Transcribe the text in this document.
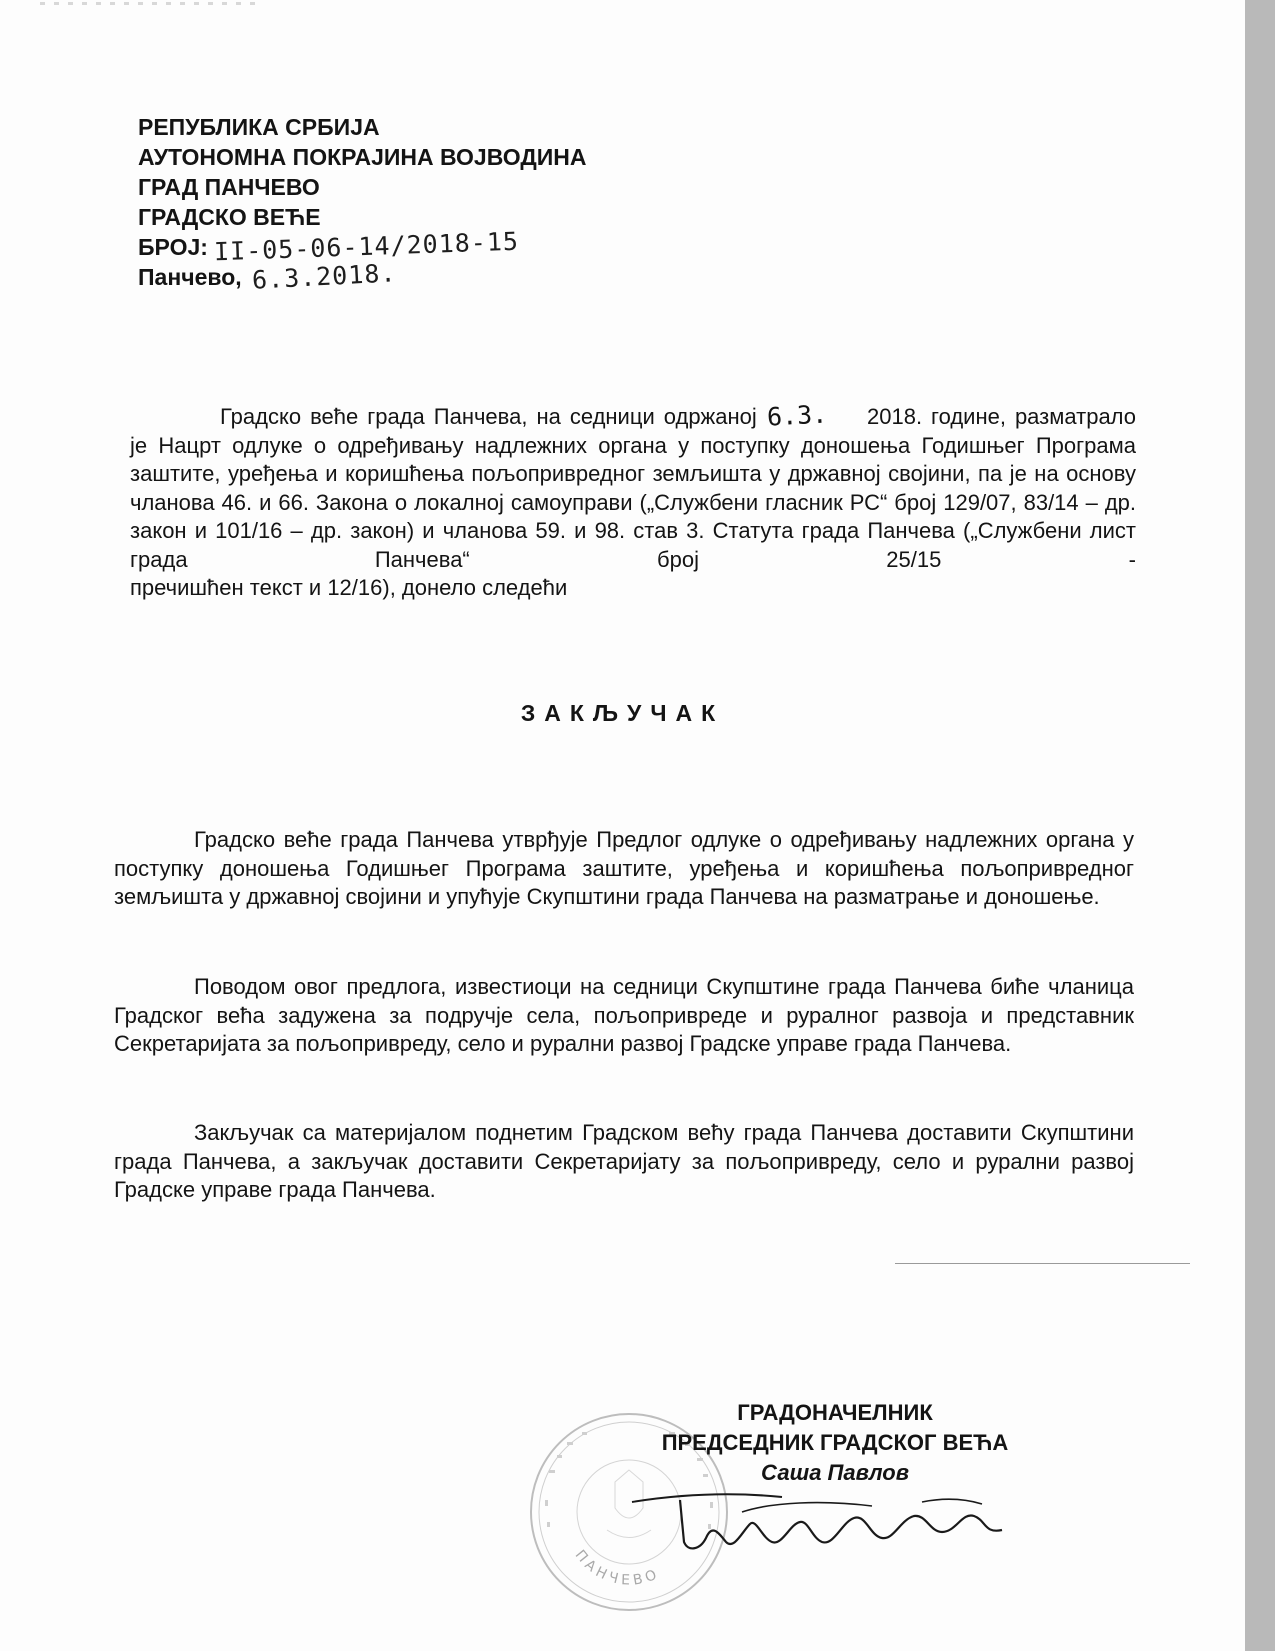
РЕПУБЛИКА СРБИЈА
АУТОНОМНА ПОКРАЈИНА ВОЈВОДИНА
ГРАД ПАНЧЕВО
ГРАДСКО ВЕЋЕ
БРОЈ: II-05-06-14/2018-15
Панчево, 6.3.2018.
Градско веће града Панчева, на седници одржаној 6.3. 2018. године, разматрало је Нацрт одлуке о одређивању надлежних органа у поступку доношења Годишњег Програма заштите, уређења и коришћења пољопривредног земљишта у државној својини, па је на основу чланова 46. и 66. Закона о локалној самоуправи („Службени гласник РС“ број 129/07, 83/14 – др. закон и 101/16 – др. закон) и чланова 59. и 98. став 3. Статута града Панчева („Службени лист града Панчева“ број 25/15 -
пречишћен текст и 12/16), донело следећи
ЗАКЉУЧАК
Градско веће града Панчева утврђује Предлог одлуке о одређивању надлежних органа у поступку доношења Годишњег Програма заштите, уређења и коришћења пољопривредног земљишта у државној својини и упућује Скупштини града Панчева на разматрање и доношење.
Поводом овог предлога, известиоци на седници Скупштине града Панчева биће чланица Градског већа задужена за подручје села, пољопривреде и руралног развоја и представник Секретаријата за пољопривреду, село и рурални развој Градске управе града Панчева.
Закључак са материјалом поднетим Градском већу града Панчева доставити Скупштини града Панчева, а закључак доставити Секретаријату за пољопривреду, село и рурални развој Градске управе града Панчева.
ПАНЧЕВО
ГРАДОНАЧЕЛНИК
ПРЕДСЕДНИК ГРАДСКОГ ВЕЋА
Саша Павлов
